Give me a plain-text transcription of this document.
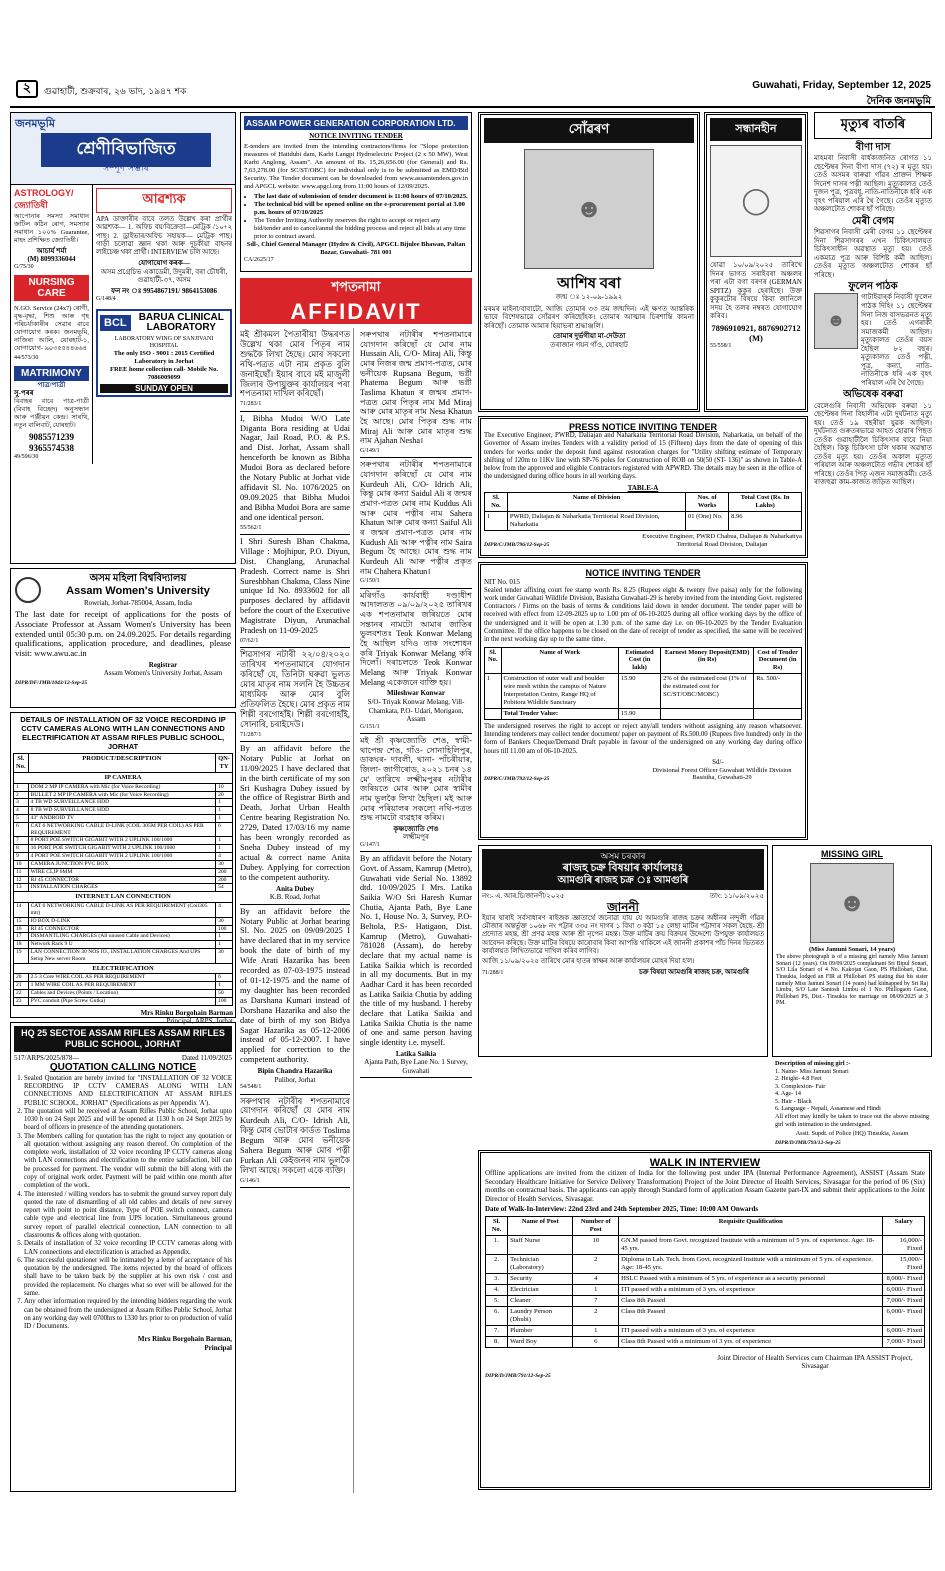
২	গুৱাহাটী, শুক্ৰবাৰ, ২৬ ভাদ, ১৯৪৭ শক
Guwahati, Friday, September 12, 2025
দৈনিক জনমভূমি
জনমভূমি
শ্ৰেণীবিভাজিত
সম্পূৰ্ণ সম্ভাৰ
ASTROLOGY/জ্যোতিষী

আপোনাৰ সমস্যা সমাধান জটিল কঠিন ৰোগ, সমস্যাৰ সমাধান ১০০% Guarantee, মাহং প্ৰশিক্ষিত জ্যোতিষী।

আচাৰ্য শৰ্মা
(M) 8099336044
G/75/30
NURSING CARE

N.GO. Service (24x7) ৰোগী, বৃদ্ধ-বৃদ্ধা, শিশু আৰু গৃহ পৰিচৰ্যাকাৰীৰ সেৱাৰ বাবে যোগাযোগ কৰক। জনমভূমি, নাজিৰা আলি, যোৰহাট-১, যোগাযোগ- ৯০৩৫৫৪৪৬৬৪

44/573/30
MATRIMONY
পাত্ৰ/পাত্ৰী
সু-পৰৰ

বিবাহৰ বাবে পাত্ৰ-পাত্ৰী (বিবাহ বিচ্ছেদ) অনুসন্ধান আৰু পঞ্জীয়ন কেন্দ্ৰ। সাৰথি, নতুন বালিবাট, যোৰহাট।

9085571239
9365574538
49/596/30
আৱশ্যক

APA ডাক্তাৰীৰ বাবে তলত উল্লেখ কৰা প্ৰাৰ্থীৰ আৱশ্যক— 1. অফিচ বয়/বিক্ৰেতা—মেট্ৰিক /১০+২ পাছ। 2. ড্ৰাইভাৰ/অফিচ সহায়ক— মেট্ৰিক পাছ। গাড়ী চলোৱা জ্ঞান থকা আৰু দুচকীয়া বাহনৰ লাইচেঞ্চ থকা প্ৰাৰ্থী। INTERVIEW চলি আছে।

যোগাযোগ কৰক—

অসম প্ৰগ্ৰেচিভ একাডেমী, উদুমৰী, বৰা চৌধৰী, গুৱাহাটী-৩৭, অসম

ফন নং ঃ 9954867191/ 9864153086
G/148/4
BCL	BARUA CLINICAL LABORATORY
LABORATORY WING OF SANJIVANI HOSPITAL
The only ISO - 9001 : 2015 Certified Laboratory in Jorhat
FREE home collection call- Mobile No. 7086009099
SUNDAY OPEN
অসম মহিলা বিশ্ববিদ্যালয়
Assam Women's University
Rowriah, Jorhat-785004, Assam, India

The last date for receipt of applications for the posts of Associate Professor at Assam Women's University has been extended until 05:30 p.m. on 24.09.2025. For details regarding qualifications, application procedure, and deadlines, please visit: www.awu.ac.in

Registrar
Assam Women's University Jorhat, Assam
DIPR/DF/JMB/1043/12-Sep-25
DETAILS OF INSTALLATION OF 32 VOICE RECORDING IP CCTV CAMERAS ALONG WITH LAN CONNECTIONS AND ELECTRIFICATION AT ASSAM RIFLES PUBLIC SCHOOL, JORHAT
Sl. No.	PRODUCT/DESCRIPTION	QN-TY
IP CAMERA		
1	DOM 2 MP IP CAMERA with Mic (for Voice Recording)	10
2	BULLET 2 MP IP CAMERA with Mic (for Voice Recording)	20
3	4 TB WD SURVEILLANCE HDD	1
4	8 TB WD SURVEILLANCE HDD	1
5	43" ANDROID TV	1
6	CAT 6 NETWORKING CABLE D-LINK (COIL 305M PER COIL) AS PER REQUIREMENT	6
7	8 PORT POE SWITCH GIGABIT WITH 2 UPLINK 100/1000	1
8	16 PORT POE SWITCH GIGABIT WITH 2 UPLINK 100/1000	1
9	4 PORT POE SWITCH GIGABIT WITH 2 UPLINK 100/1000	4
10	CAMERA JUNCTION PVC BOX	30
11	WIRE CLIP 6MM	200
12	RJ 45 CONNECTOR	200
13	INSTALLATION CHARGES	54
INTERNET LAN CONNECTION		
14	CAT 6 NETWORKING CABLE D-LINK AS PER REQUIREMENT (Coil305 mtr)	4
15	IO BOX D-LINK	30
16	RJ 45 CONNECTOR	100
17	DISMANTLING CHARGES (All unused Cable and Devices)	1
18	Network Rack 9 U	1
19	LAN CONNECTION 30 NOS IO., INSTALLATION CHARGES And UPS Setup New server Room	30
ELECTRIFICATION		
20	2.5 3 Core WIRE COIL AS PER REQUIREMENT	6
21	1 MM WIRE COIL AS PER REQUIREMENT	1
22	Cables and Devices (Points / Location)	50
23	PVC conduit (Pipe Screw Gutka)	100
Mrs Rinku Borgohain Barman
Principal, ARPS, Jorhat
HQ 25 SECTOE ASSAM RIFLES ASSAM RIFLES PUBLIC SCHOOL, JORHAT
517/ARPS/2025/878—	Dated 11/09/2025
QUOTATION CALLING NOTICE
1. Sealed Quotation are hereby invited for "INSTALLATION OF 32 VOICE RECORDING IP CCTV CAMERAS ALONG WITH LAN CONNECTIONS AND ELECTRIFICATION AT ASSAM RIFLES PUBLIC SCHOOL, JORHAT" (Specifications as per Appendix 'A').
2. The quotation will be received at Assam Rifles Public School, Jorhat upto 1030 h on 24 Sept 2025 and will be opened at 1130 h on 24 Sept 2025 by board of officers in presence of the attending quotationers.
3. The Members calling for quotation has the right to reject any quotation or all quotation without assigning any reason thereof. On completion of the complete work, installation of 32 voice recording IP CCTV cameras along with LAN connections and electrification to the entire satisfaction, bill can be processed for payment. The vendor will submit the bill along with the copy of original work order. Payment will be paid within one month after completion of the work.
4. The interested / willing vendors has to submit the ground survey report duly quoted the rate of dismantling of all old cables and details of new survey report with point to point distance, Type of POE switch connect, camera cable type and electrical line from UPS location. Simultaneous ground survey report of parallel electrical connection, LAN connection to all classrooms & offices along with quotation.
5. Details of installation of 32 voice recording IP CCTV cameras along with LAN connections and electrification is attached as Appendix.
6. The successful quotationer will be intimated by a letter of acceptance of his quotation by the undersigned. The items rejected by the board of officers shall have to be taken back by the supplier at his own risk / cost and provided the replacement. No charges what so ever will be allowed for the same.
7. Any other information required by the intending bidders regarding the work can be obtained from the undersigned at Assam Rifles Public School, Jorhat on any working day well 0700hrs to 1330 hrs prior to on production of valid ID / Documents.
Mrs Rinku Borgohain Barman,
Principal
ASSAM POWER GENERATION CORPORATION LTD.
NOTICE INVITING TENDER

E-tenders are invited from the intending contractors/firms for "Slope protection measures of Hatidubi dam, Karbi Langpi Hydroelectric Project (2 x 50 MW), West Karbi Anglong, Assam". An amount of Rs. 15,26,656.00 (for General) and Rs. 7,63,278.00 (for SC/ST/OBC) for individual only is to be submitted as EMD/Bid Security. The Tender document can be downloaded from www.assamtenders.gov.in and APGCL website: www.apgcl.org from 11:00 hours of 12/09/2025.

• The last date of submission of tender document is 11:00 hours of 07/10/2025.
• The technical bid will be opened online on the e-procurement portal at 3.00 p.m. hours of 07/10/2025
• The Tender Inviting Authority reserves the right to accept or reject any bid/tender and to cancel/annul the bidding process and reject all bids at any time prior to contract award.
Sdl-, Chief General Manager (Hydro & Civil), APGCL Bijulee Bhawan, Paltan Bazar, Guwahati- 781 001
CA/2625/17
শপতনামা
AFFIDAVIT

মই শ্ৰীকমল পৈতাৰীয়া উদ্ধৰণত উল্লেখ থকা মোৰ পিতৃৰ নাম শুদ্ধকৈ লিখা হৈছে। মোৰ সকলো নথি-পত্ৰত এটা নাম প্ৰকৃত বুলি জনাইছোঁ। ইয়াৰ বাবে মই মাজুলী জিলাৰ উপায়ুক্তৰ কাৰ্যালয়ৰ পৰা শপতনামা দাখিল কৰিছোঁ।

71/283/1

I, Bibha Mudoi W/O Late Diganta Bora residing at Udai Nagar, Jail Road, P.O. & P.S. and Dist. Jorhat, Assam shall henceforth be known as Bibha Mudoi Bora as declared before the Notary Public at Jorhat vide affidavit Sl. No. 1076/2025 on 09.09.2025 that Bibha Mudoi and Bibha Mudoi Bora are same and one identical person.

55/562/1

I Shri Suresh Bhan Chakma, Village : Mojhipur, P.O. Diyun, Dist. Changlang, Arunachal Pradesh. Correct name is Shri Sureshbhan Chakma, Class Nine unique Id No. 8933602 for all purposes declared by affidavit before the court of the Executive Magistrate Diyun, Arunachal Pradesh on 11-09-2025

07/62/1

শিৱসাগৰ নটাৰী ২২/০৪/২০২০ তাৰিখৰ শপতনামাৰে যোগদান কৰিছোঁ যে, তিনিটা ঘৰুৱা ভুলত মোৰ মাতৃৰ নাম সলনি হৈ উচ্চতৰ মাধ্যমিক আৰু মোৰ বুলি প্ৰতিফলিত হৈছে। মোৰ প্ৰকৃত নাম শিল্পী বৰগোহাঁই। শিল্পী বৰগোহাঁই, সোনাৰি, চৰাইদেউ।

71/287/1

By an affidavit before the Notary Public at Jorhat on 11/09/2025 I have declared that in the birth certificate of my son Sri Kushagra Dubey issued by the office of Registrar Birth and Death, Jorhat Urban Health Centre bearing Registration No. 2729, Dated 17/03/16 my name has been wrongly recorded as Sneha Dubey instead of my actual & correct name Anita Dubey. Applying for correction to the competent authority.

Anita Dubey
K.B. Road, Jorhat

By an affidavit before the Notary Public at Jorhat bearing Sl. No. 2025 on 09/09/2025 I have declared that in my service book the date of birth of my Wife Arati Hazarika has been recorded as 07-03-1975 instead of 01-12-1975 and the name of my daughter has been recorded as Darshana Kumari instead of Dorshana Hazarika and also the date of birth of my son Bidya Sagar Hazarika as 05-12-2006 instead of 05-12-2007. I have applied for correction to the competent authority.

Bipin Chandra Hazarika
Pulibor, Jorhat
54/548/1

সৰুপথাৰ নটাৰীৰ শপতনামাৰে যোগদান কৰিছোঁ যে মোৰ নাম Kurdeuh Ali, C/O- Idrish Ali, কিন্তু মোৰ ভোটাৰ কাৰ্ডত Toslima Begum আৰু মোৰ ভনীয়েক Sahera Begum আৰু মোৰ পত্নী Furkan Ali কেইজনৰ নাম ভুলকৈ লিখা আছে। সকলো একে ব্যক্তি।

G/146/1

সৰুপথাৰ নটাৰীৰ শপতনামাৰে যোগদান কৰিছোঁ যে মোৰ নাম Hussain Ali, C/O- Miraj Ali, কিন্তু মোৰ নিজৰ জন্ম প্ৰমাণ-পত্ৰত, মোৰ ভনীয়েক Rupsana Begum, ভগ্নী Phatema Begum আৰু ভগ্নী Taslima Khatun ৰ জন্মৰ প্ৰমাণ-পত্ৰত মোৰ পিতৃৰ নাম Md Miraj আৰু মোৰ মাতৃৰ নাম Nesa Khatun হৈ আছে। মোৰ পিতৃৰ শুদ্ধ নাম Miraj Ali আৰু মোৰ মাতৃৰ শুদ্ধ নাম Ajahan Nesha।

G/149/1

সৰুপথাৰ নটাৰীৰ শপতনামাৰে যোগদান কৰিছোঁ যে মোৰ নাম Kurdeuh Ali, C/O- Idrich Ali, কিন্তু মোৰ কন্যা Saidul Ali ৰ জন্মৰ প্ৰমাণ-পত্ৰত মোৰ নাম Kuddus Ali আৰু মোৰ পত্নীৰ নাম Sahera Khatun আৰু মোৰ কন্যা Saiful Ali ৰ জন্মৰ প্ৰমাণ-পত্ৰত মোৰ নাম Kudush Ali আৰু পত্নীৰ নাম Saira Begum হৈ আছে। মোৰ শুদ্ধ নাম Kurdeuh Ali আৰু পত্নীৰ প্ৰকৃত নাম Chahera Khatun।

G/150/1

মৰিগাঁও কাৰ্যবাহী দণ্ডাধীশ আদালতত ০৯/০৯/২০২৫ তাৰিখৰ এক শপতনামাৰ জৰিয়তে মোৰ সন্তানৰ নামটো আমাৰ জাতিৰ ভুলবশতঃ Teok Konwar Melang হৈ আছিল যদিও তাক সংশোধন কৰি Triyak Konwar Melang কৰি দিলোঁ। দৰাচলতে Teok Konwar Melang আৰু Triyak Konwar Melang একেজনে ব্যক্তি হয়।

Mileshwar Konwar
S/O- Triyak Konwar Melang, Vill- Chamkata, P.O- Udari, Morigaon, Assam
G/151/1

মই শ্ৰী কৃষ্ণজ্যোতি শেঙ, স্বামী- থাপেন্দ্ৰ শেঙ, গাঁও- সোনাহিলিপুৰ, ডাকঘৰ- দাবলী, থানা- পাঁচৰীয়াৰ, জিলা- জাগীৰোড, ২০২১ চনৰ ১৪ মে' তাৰিখে লক্ষ্মীমপুৰৰ নটাৰীৰ জৰিয়তে মোৰ আৰু মোৰ স্বামীৰ নাম ভুলকৈ লিখা হৈছিল। মই আৰু মোৰ পৰিয়ালৰ সকলো নথি-পত্ৰত শুদ্ধ নামটো ব্যৱহাৰ কৰিম।

কৃষ্ণজ্যোতি শেঙ
লক্ষ্মীমপুৰ
G/147/1

By an affidavit before the Notary Govt. of Assam, Kamrup (Metro), Guwahati vide Serial No. 13892 dtd. 10/09/2025 I Mrs. Latika Saikia W/O Sri Haresh Kumar Chutia, Ajanta Path, Bye Lane No. 1, House No. 3, Survey, P.O- Beltola, P.S- Hatigaon, Dist. Kamrup (Metro), Guwahati-781028 (Assam), do hereby declare that my actual name is Latika Saikia which is recorded in all my documents. But in my Aadhar Card it has been recorded as Latika Saikia Chutia by adding the title of my husband. I hereby declare that Latika Saikia and Latika Saikia Chutia is the name of one and same person having single identity i.e. myself.

Latika Saikia
Ajanta Path, Bye Lane No. 1 Survey, Guwahati
সোঁৱৰণ
☻
আশিষ বৰা
জন্ম ঃ ১২-০৯-১৯৯২

মৰমৰ মাইনা/বাবাটো, আজি তোমাৰ ৩৩ তম জন্মদিন। এই ক্ষণত আন্তৰিক ভাবে বিশেষভাৱে সোঁৱৰণ কৰিছোঁহক। তোমাৰ আত্মাৰ চিৰশান্তি কামনা কৰিছোঁ। তোমাক আমাৰ হিয়াভৰা শ্ৰদ্ধাঞ্জলি।

তোমাৰ দুৰ্ভগীয়া মা-দেউতা
তৰাজান গয়ন গাঁও, যোৰহাট
সন্ধানহীন
◯

যোৱা ১০/০৯/২০২৫ তাৰিখে দিনৰ ভাগত সৰাইবৰা অঞ্চলৰ পৰা এটা বগা বৰণৰ (GERMAN SPITZ) কুকুৰ হেৰাইছে। উক্ত কুকুৰটোৰ বিষয়ে কিবা জানিলে সদয় হৈ তলৰ নম্বৰত যোগাযোগ কৰিব।

7896910921, 8876902712 (M)
55/558/1
PRESS NOTICE INVITING TENDER

The Executive Engineer, PWRD, Daliajan and Naharkatia Territorial Road Division, Naharkatia, on behalf of the Governor of Assam invites Tenders with a validity period of 15 (Fifteen) days from the date of opening of this tenders for works under the deposit fund against restoration charges for "Utility shifting estimate of Temporary shifting of 120m to 11Kv line with SP-76 poles for Construction of ROB on 50(50 (ST- 136)" as shown in Table-A below from the approved and eligible Contractors registered with APWRD. The details may be seen in the office of the undersigned during office hours in all working days.

TABLE-A
Sl. No.	Name of Division	Nos. of Works	Total Cost (Rs. In Lakhs)
1	PWRD, Daliajan & Naharkatia Territorial Road Division, Naharkatia	01 (One) No.	8.96
DIPR/C/JMB/796/12-Sep-25
Executive Engineer, PWRD Chabua, Daliajan & Naharkatiya Territorial Road Division, Daliajan
NOTICE INVITING TENDER
NIT No. 015

Sealed tender affixing court fee stamp worth Rs. 8.25 (Rupees eight & twenty five paisa) only for the following work under Guwahati Wildlife Division, Basistha Guwahati-29 is hereby invited from the intending Govt. registered Contractors / Firms on the basis of terms & conditions laid down in tender document. The tender paper will be received with effect from 12-09-2025 up to 1.00 pm of 06-10-2025 during all office working days by the office of the undersigned and it will be open at 1.30 p.m. of the same day i.e. on 06-10-2025 by the Tender Evaluation Committee. If the office happens to be closed on the date of receipt of tender as specified, the same will be received in the next working day up to the same time.

Sl. No.	Name of Work	Estimated Cost (in lakh)	Earnest Money Deposit(EMD) (in Rs)	Cost of Tender Document (in Rs)
1	Construction of outer wall and boulder wire mesh within the campus of Nature Interpretation Centre, Range HQ of Pobitora Wildlife Sanctuary	15.90	2% of the estimated cost (1% of the estimated cost for SC/ST/OBC/MOBC)	Rs. 500/-
	Total Tender Value:	15.90		

The undersigned reserves the right to accept or reject any/all tenders without assigning any reason whatsoever. Intending tenderers may collect tender document/ paper on payment of Rs.500.00 (Rupees five hundred) only in the form of Bankers Cheque/Demand Draft payable in favour of the undersigned on any working day during office hours till 11.00 am of 06-10-2025.

Sd/-
DIPR/C/JMB/792/12-Sep-25
Divisional Forest Officer Guwahati Wildlife Division Basistha, Guwahati-29
অসম চৰকাৰ
ৰাজহ চক্ৰ বিষয়াৰ কাৰ্যালয়ঃ
আমগুৰি ৰাজহ চক্ৰ ঃ আমগুৰি
নং:- এ. আৰ.চি/জানণী/২০২৫	তাং: ১১/০৯/২০২৫
জাননী

ইয়াৰ দ্বাৰাই সৰ্বসাধাৰণ ৰাইজক জ্ঞাতাৰ্থে জনোৱা যায় যে আমগুৰি ৰাজহ চক্ৰৰ অধীনৰ নন্দুলী গাঁৱৰ মৌজাৰ অন্তৰ্ভুক্ত ১০৬৮ নং পট্টাৰ ৩৩৫ নং দাগৰ ১ বিঘা ৩ কঠা ১৫ লেছা মাটিৰ পট্টাদাৰ সকল হৈছে- শ্ৰী প্ৰদ্যোত মহন্ত, শ্ৰী প্ৰণৱ মহন্ত আৰু শ্ৰী নৃপেন মহন্ত। উক্ত মাটিৰ ক্ৰয় বিক্ৰয়ৰ উদ্দেশ্যে উপযুক্ত কাৰ্যালয়ত আবেদন কৰিছে। উক্ত মাটিৰ বিষয়ে কাৰোবাৰ কিবা আপত্তি থাকিলে এই জাননী প্ৰকাশৰ পাঁচ দিনৰ ভিতৰত কাৰ্যালয়ত লিখিতভাৱে দাখিল কৰিব লাগিব।

আজি ১১/০৯/২০২৫ তাৰিখে মোৰ হাতৰ স্বাক্ষৰ আৰু কাৰ্যালয়ৰ মোহৰ দিয়া হ'ল।

71/288/1	চক্ৰ বিষয়া আমগুৰি ৰাজহ চক্ৰ, আমগুৰি
MISSING GIRL
☻
(Miss Jamuni Sonari, 14 years)

The above photograph is of a missing girl namely Miss Jamuni Sonari (12 years). On 09/09/2025 complainant Sri Bipul Sonari, S/O Lila Sonari of 4 No. Kakojan Gaon, PS Phillobari, Dist. Tinsukia, lodged an FIR at Phillobari PS stating that his sister namely Miss Jamuni Sonari (14 years) had kidnapped by Sri Raj Limbu, S/O Late Santosh Limbu of 1 No. Phillogaon Gaon, Phillobari PS, Dist.- Tinsukia for marriage on 08/09/2025 at 3 PM.

Description of missing girl :-
1. Name- Miss Jamuni Sonari
2. Height- 4.8 Feet
3. Complexion- Fair
4. Age- 14
5. Hair - Black
6. Language - Nepali, Assamese and Hindi

All effort may kindly be taken to trace out the above missing girl with intimation to the undersigned.

Asstt. Supdt. of Police (HQ) Tinsukia, Assam
DIPR/D/JMB/793/12-Sep-25
WALK IN INTERVIEW

Offline applications are invited from the citizen of India for the following post under IPA (Internal Performance Agreement), ASSIST (Assam State Secondary Healthcare Initiative for Service Delivery Transformation) Project of the Joint Director of Health Services, Sivasagar for the period of 06 (Six) months on contractual basis. The applicants can apply through Standard form of application Assam Gazette part-IX and submit their applications to the Joint Director of Health Services, Sivasagar.

Date of Walk-In-Interview: 22nd 23rd and 24th September 2025, Time: 10:00 AM Onwards
Sl. No.	Name of Post	Number of Post	Requisite Qualification	Salary
1.	Staff Nurse	10	GN.M passed from Govt. recognized Institute with a minimum of 5 yrs. of experience. Age: 18-45 yrs.	16,000/- Fixed
2.	Technician (Laboratory)	2	Diploma in Lab. Tech. from Govt. recognized Institute with a minimum of 5 yrs. of experience. Age: 18-45 yrs.	15,000/- Fixed
3.	Security	4	HSLC Passed with a minimum of 5 yrs. of experience as a security personnel	8,000/- Fixed
4.	Electrician	1	ITI passed with a minimum of 3 yrs. of experience	6,000/- Fixed
5.	Cleaner	7	Class 8th Passed	7,000/- Fixed
6.	Laundry Person (Dhubi)	2	Class 8th Passed	6,000/- Fixed
7.	Plumber	1	ITI passed with a minimum of 3 yrs. of experience	6,000/- Fixed
8.	Ward Boy	6	Class 8th Passed with a minimum of 3 yrs. of experience	7,000/- Fixed
Joint Director of Health Services cum Chairman IPA ASSIST Project, Sivasagar
DIPR/D/JMB/791/12-Sep-25
মৃত্যুৰ বাতৰি
বীণা দাস

মাহমৰা নিবাসী বাৰ্ধক্যজনিত ৰোগত ১১ ছেপ্টেম্বৰ দিনা বীণা দাস (৭২) ৰ মৃত্যু হয়। তেওঁ অসমৰ বাৰুৱা গাঁৱৰ প্ৰাক্তন শিক্ষক দিনেশ দাসৰ পত্নী আছিল। মৃত্যুকালত তেওঁ দুজন পুত্ৰ, পুত্ৰবধূ, নাতি-নাতিনীকে ধৰি এক বৃহৎ পৰিয়াল এৰি থৈ গৈছে। তেওঁৰ মৃত্যুত অঞ্চলটোত শোকৰ ছাঁ পৰিছে।

মেৰী বেগম

শিৱসাগৰ নিবাসী মেৰী বেগম ১১ ছেপ্টেম্বৰ দিনা শিৱসাগৰৰ এখন চিকিৎসালয়ত চিকিৎসাধীন অৱস্থাত মৃত্যু হয়। তেওঁ একমাত্ৰ পুত্ৰ আৰু বিশিষ্ট কৰ্মী আছিল। তেওঁৰ মৃত্যুত অঞ্চলটোত শোকৰ ছাঁ পৰিছে।

ফুলেন পাঠক
☻

গাটাইবাৰ্ৰ্ক নিবাসী ফুলেন পাঠক দিহিং ১১ ছেপ্টেম্বৰ দিনা নিজ বাসভৱনত মৃত্যু হয়। তেওঁ এগৰাকী সমাজকৰ্মী আছিল। মৃত্যুকালত তেওঁৰ বয়স হৈছিল ৮২ বছৰ। মৃত্যুকালত তেওঁ পত্নী, পুত্ৰ, কন্যা, নাতি-নাতিনীকে ধৰি এক বৃহৎ পৰিয়াল এৰি থৈ গৈছে।

অভিষেক বৰুৱা

বেলেগুৰি নিবাসী অভিষেক বৰুৱা ১১ ছেপ্টেম্বৰ দিনা বিহালীৰ এটা দুৰ্ঘটনাত মৃত্যু হয়। তেওঁ ১৯ বছৰীয়া যুৱক আছিল। দুৰ্ঘটনাত গুৰুতৰভাৱে আহত হোৱাৰ পিছত তেওঁক গুৱাহাটীলৈ চিকিৎসাৰ বাবে নিয়া হৈছিল। কিন্তু চিকিৎসা চলি থকাৰ অৱস্থাত তেওঁৰ মৃত্যু হয়। তেওঁৰ অকাল মৃত্যুত পৰিয়াল আৰু অঞ্চলটোত গভীৰ শোকৰ ছাঁ পৰিছে। তেওঁৰ পিতৃ এজন সমাজকৰ্মী। তেওঁ ৰাজহুৱা কাম-কাজত জড়িত আছিল।
